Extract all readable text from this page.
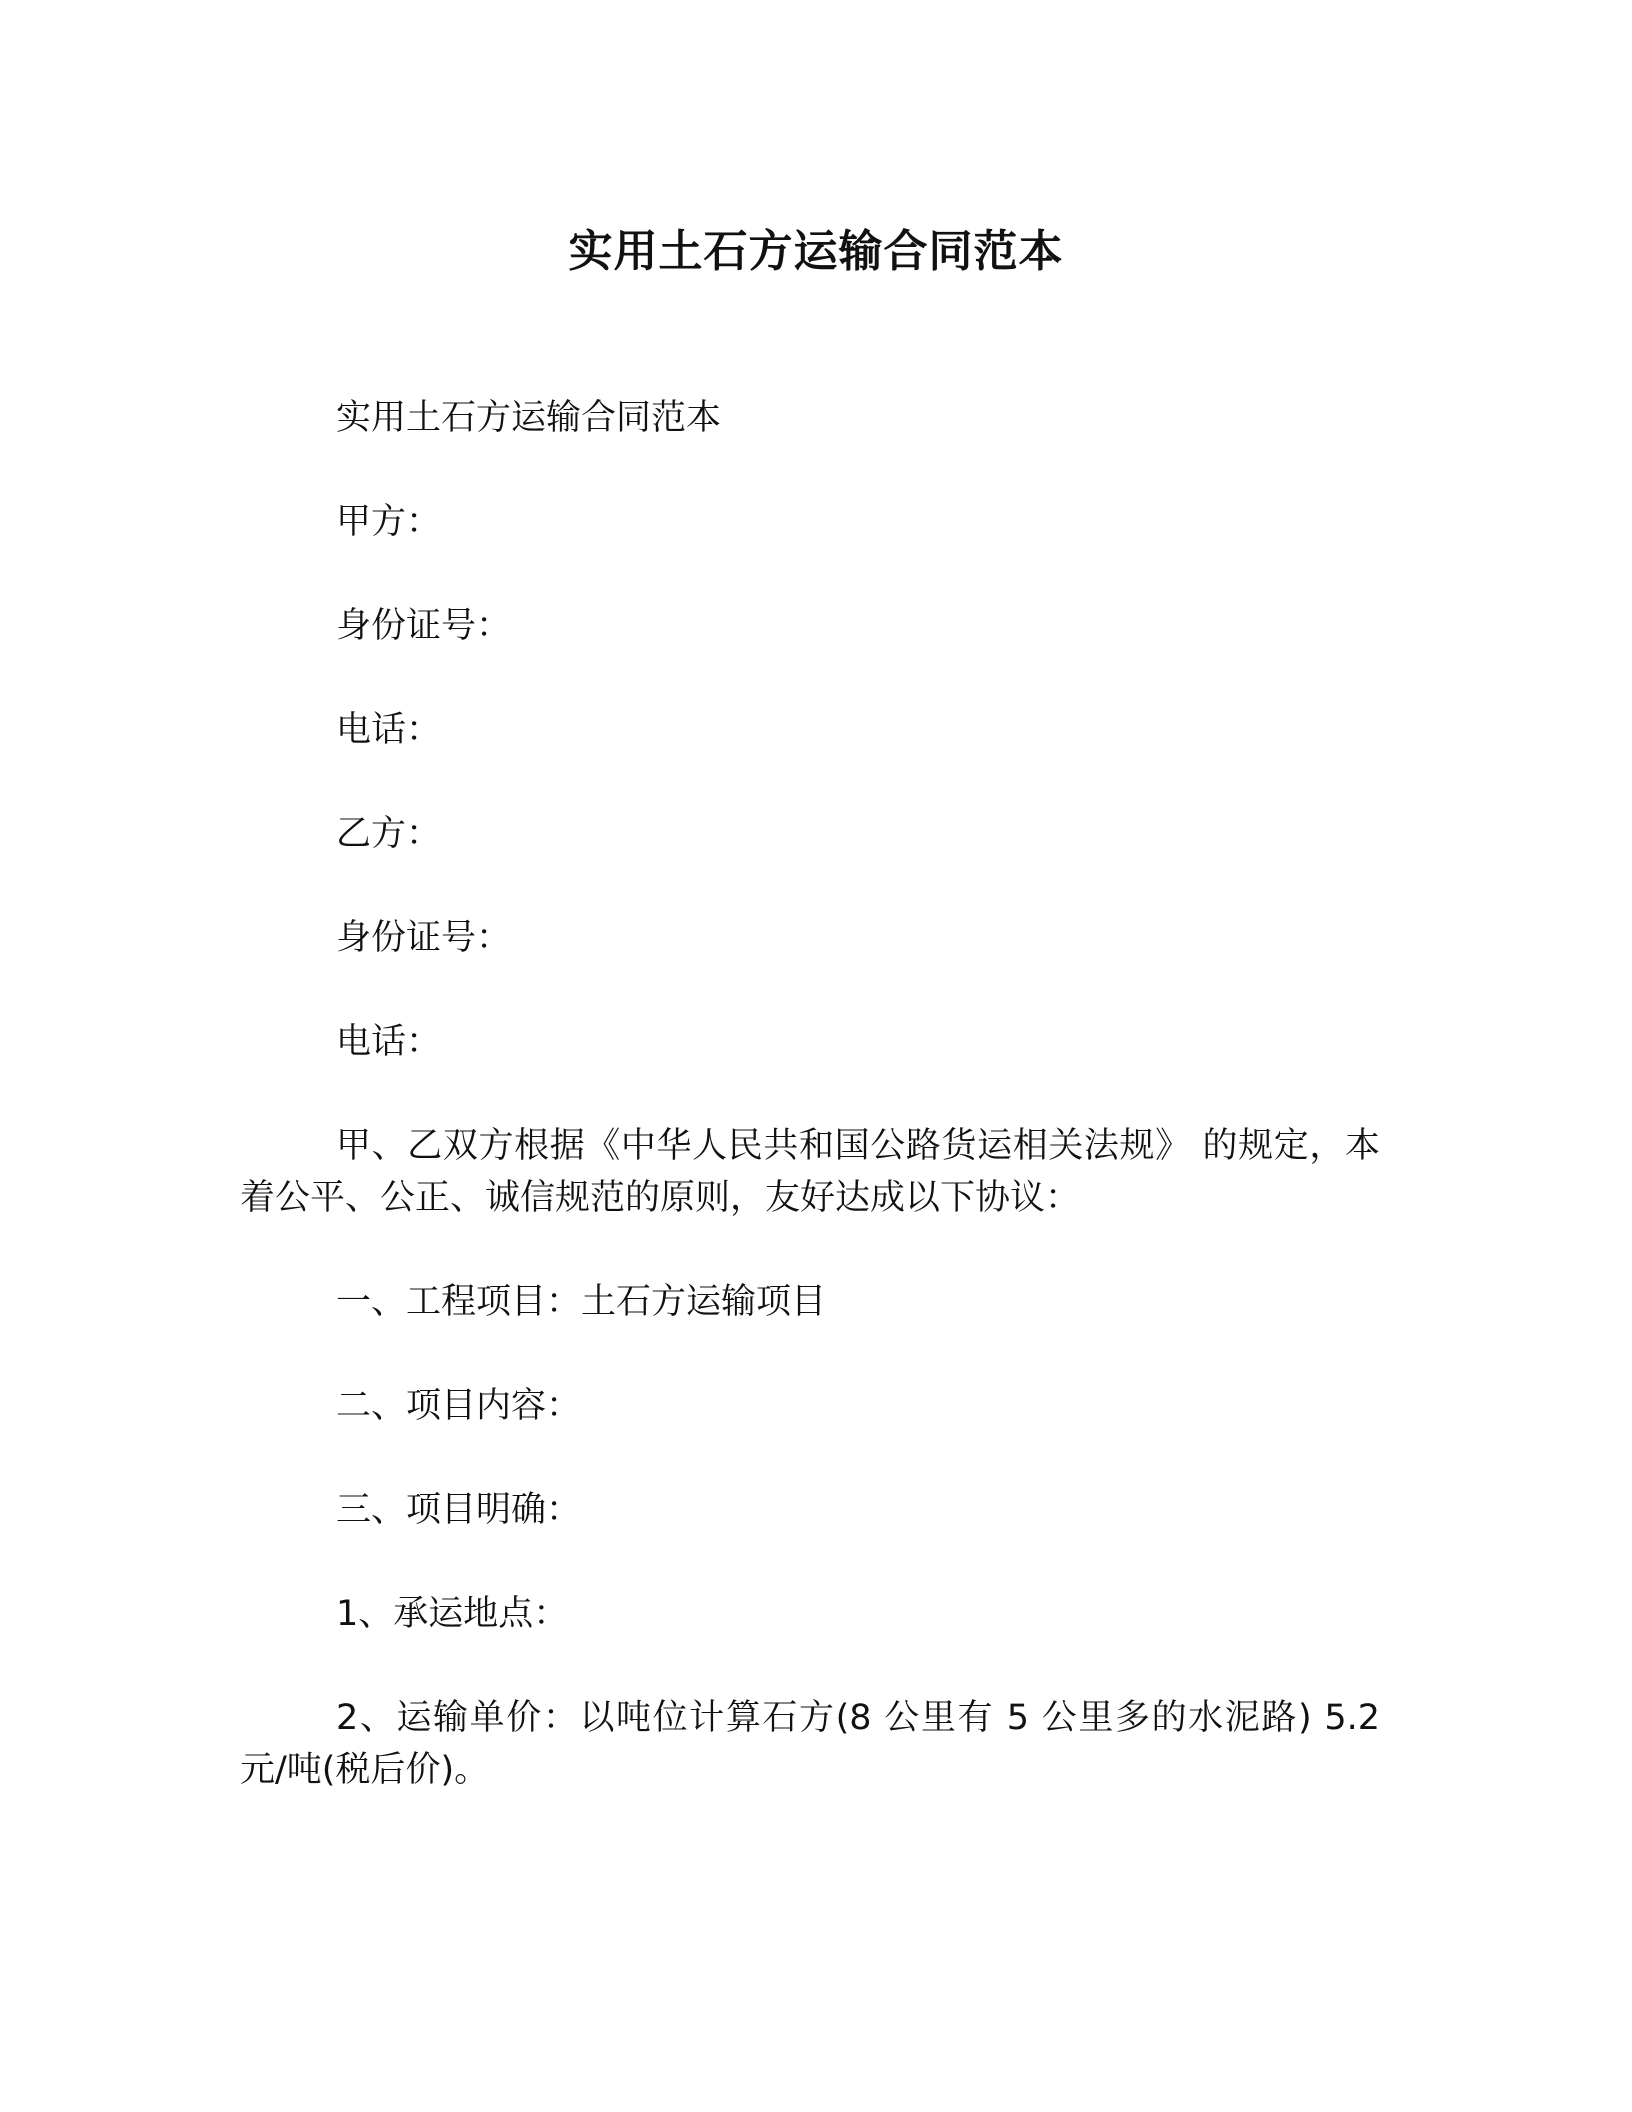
实用土石方运输合同范本

实用土石方运输合同范本

甲方：

身份证号：

电话：

乙方：

身份证号：

电话：

甲、乙双方根据《中华人民共和国公路货运相关法规》 的规定，本着公平、公正、诚信规范的原则，友好达成以下协议：

一、工程项目：土石方运输项目

二、项目内容：

三、项目明确：

1、承运地点：

2、运输单价：以吨位计算石方(8 公里有 5 公里多的水泥路) 5.2 元/吨(税后价)。
